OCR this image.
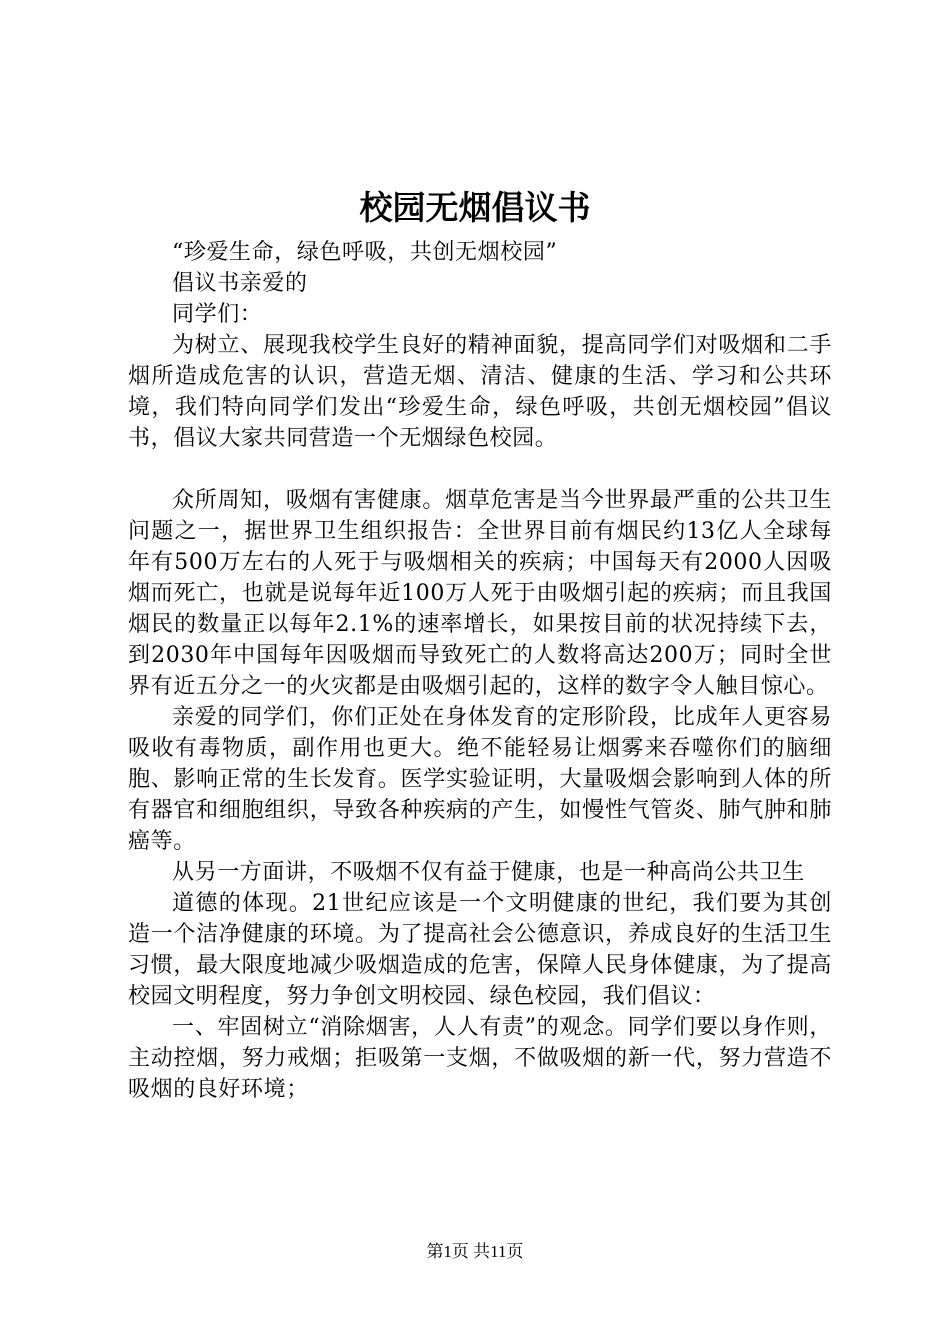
校园无烟倡议书

“珍爱生命，绿色呼吸，共创无烟校园”

倡议书亲爱的

同学们：

为树立、展现我校学生良好的精神面貌，提高同学们对吸烟和二手烟所造成危害的认识，营造无烟、清洁、健康的生活、学习和公共环境，我们特向同学们发出“珍爱生命，绿色呼吸，共创无烟校园”倡议书，倡议大家共同营造一个无烟绿色校园。

众所周知，吸烟有害健康。烟草危害是当今世界最严重的公共卫生问题之一，据世界卫生组织报告：全世界目前有烟民约13亿人全球每年有500万左右的人死于与吸烟相关的疾病；中国每天有2000人因吸烟而死亡，也就是说每年近100万人死于由吸烟引起的疾病；而且我国烟民的数量正以每年2.1%的速率增长，如果按目前的状况持续下去，到2030年中国每年因吸烟而导致死亡的人数将高达200万；同时全世界有近五分之一的火灾都是由吸烟引起的，这样的数字令人触目惊心。

亲爱的同学们，你们正处在身体发育的定形阶段，比成年人更容易吸收有毒物质，副作用也更大。绝不能轻易让烟雾来吞噬你们的脑细胞、影响正常的生长发育。医学实验证明，大量吸烟会影响到人体的所有器官和细胞组织，导致各种疾病的产生，如慢性气管炎、肺气肿和肺癌等。

从另一方面讲，不吸烟不仅有益于健康，也是一种高尚公共卫生

道德的体现。21世纪应该是一个文明健康的世纪，我们要为其创造一个洁净健康的环境。为了提高社会公德意识，养成良好的生活卫生习惯，最大限度地减少吸烟造成的危害，保障人民身体健康，为了提高校园文明程度，努力争创文明校园、绿色校园，我们倡议：

一、牢固树立“消除烟害，人人有责”的观念。同学们要以身作则，主动控烟，努力戒烟；拒吸第一支烟，不做吸烟的新一代，努力营造不吸烟的良好环境；

第1页 共11页
